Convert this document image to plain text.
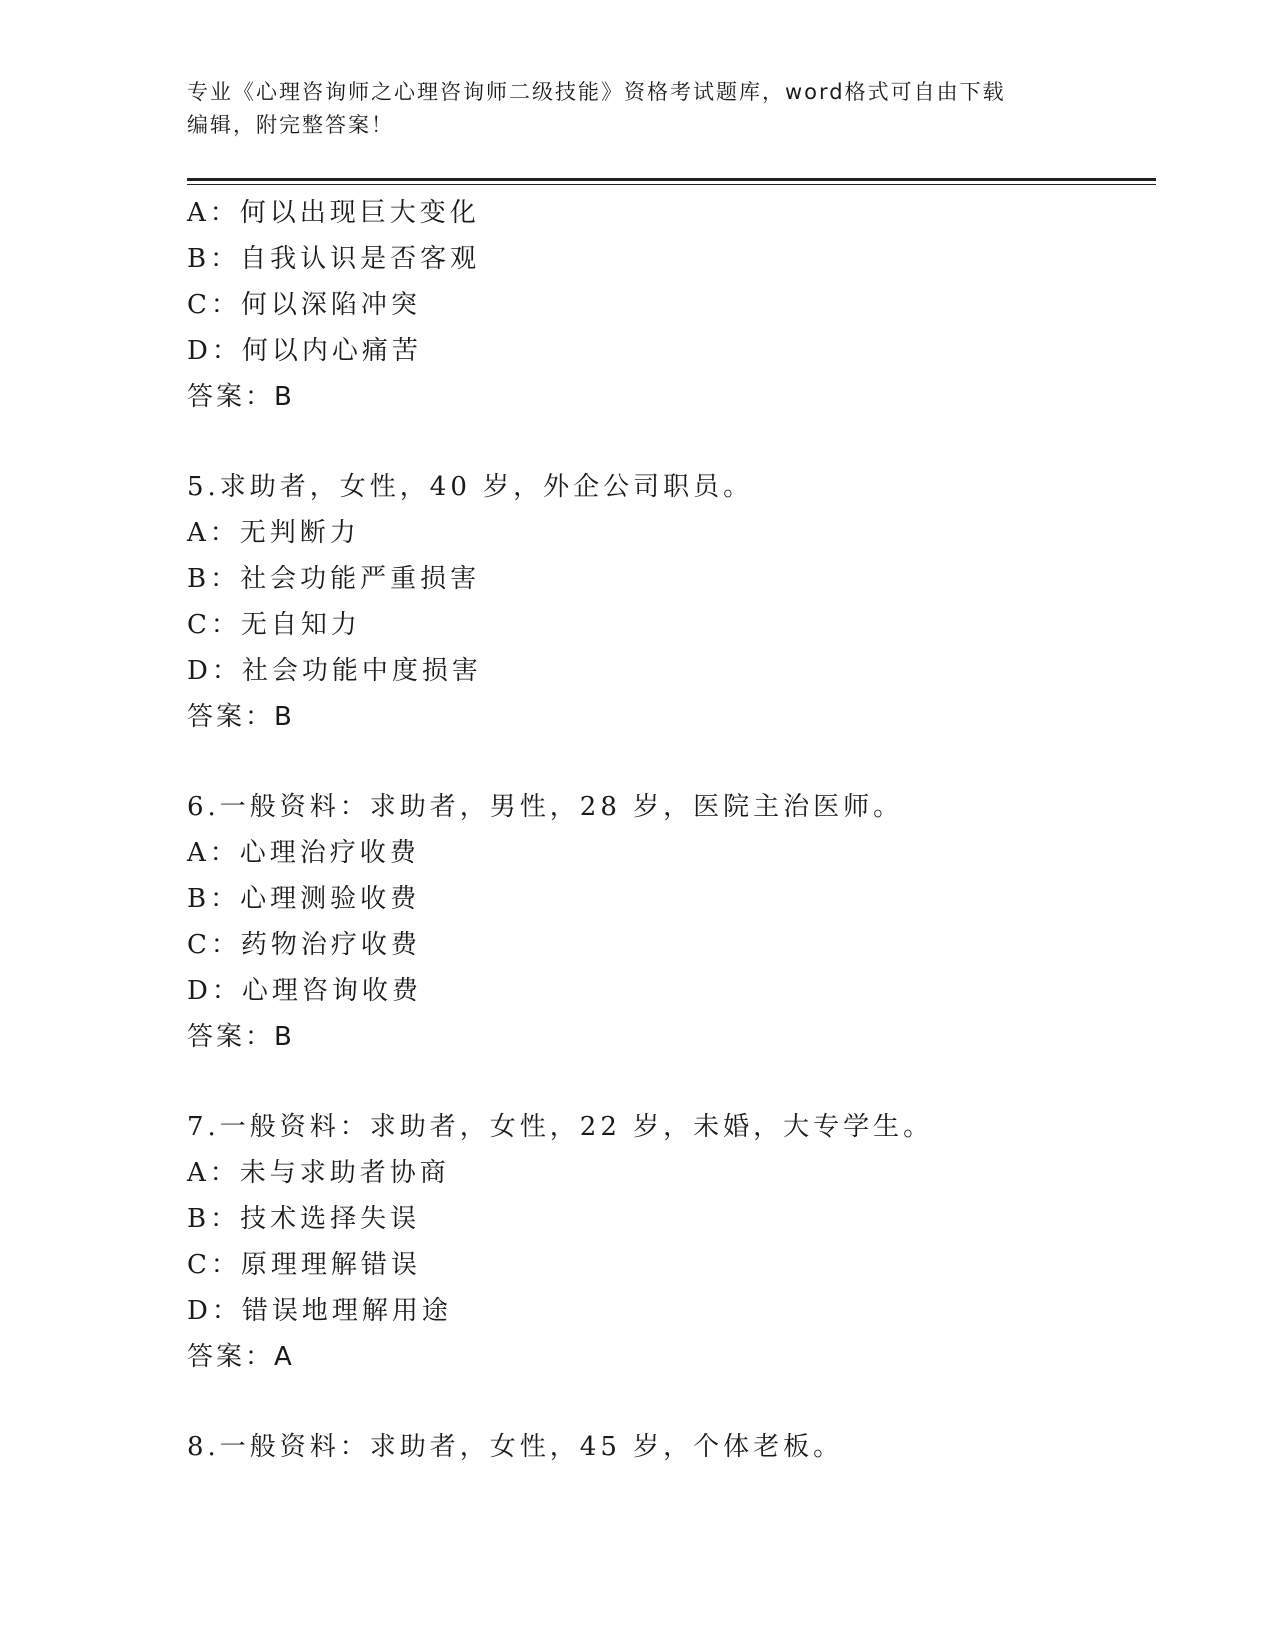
专业《心理咨询师之心理咨询师二级技能》资格考试题库，word格式可自由下载
编辑，附完整答案！
A：何以出现巨大变化
B：自我认识是否客观
C：何以深陷冲突
D：何以内心痛苦
答案：B
5.求助者，女性，40 岁，外企公司职员。
A：无判断力
B：社会功能严重损害
C：无自知力
D：社会功能中度损害
答案：B
6.一般资料：求助者，男性，28 岁，医院主治医师。
A：心理治疗收费
B：心理测验收费
C：药物治疗收费
D：心理咨询收费
答案：B
7.一般资料：求助者，女性，22 岁，未婚，大专学生。
A：未与求助者协商
B：技术选择失误
C：原理理解错误
D：错误地理解用途
答案：A
8.一般资料：求助者，女性，45 岁，个体老板。
